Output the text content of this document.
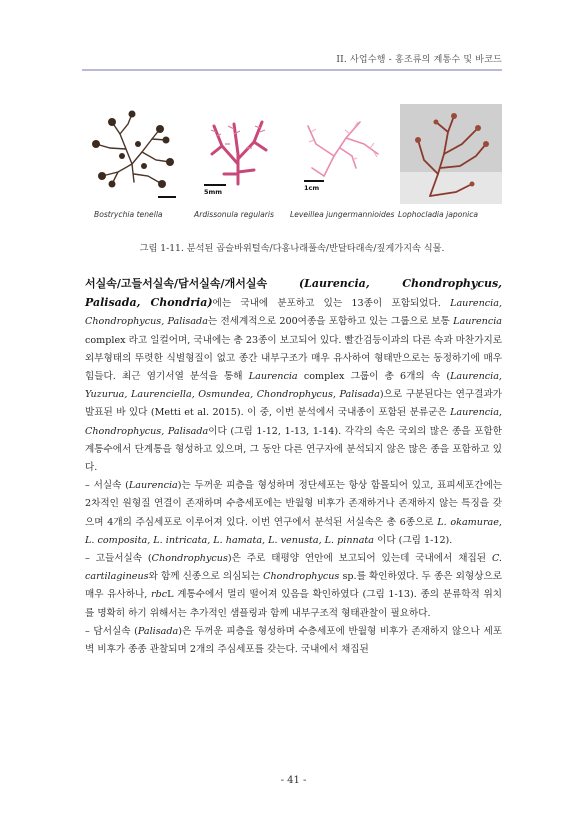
II. 사업수행 - 홍조류의 계통수 및 바코드
5mm	1cm
Bostrychia tenella	Ardissonula regularis Leveillea jungermannioides Lophocladia japonica
그림 1-11. 분석된 곱슬바위털속/다홍나래풀속/반달타래속/짚게가지속 식물.

서실속/고들서실속/담서실속/개서실속	(Laurencia, Chondrophycus, Palisada, Chondria)에는 국내에 분포하고 있는 13종이 포함되었다. Laurencia, Chondrophycus, Palisada는 전세계적으로 200여종을 포함하고 있는 그룹으로 보통 Laurencia complex 라고 일컬어며, 국내에는 총 23종이 보고되어 있다. 빨간검등이과의 다른 속과 마찬가지로 외부형태의 뚜렷한 식별형질이 없고 종간 내부구조가 매우 유사하여 형태만으로는 동정하기에 매우 힘들다. 최근 염기서열 분석을 통해 Laurencia complex 그룹이 총 6개의 속 (Laurencia, Yuzurua, Laurenciella, Osmundea, Chondrophycus, Palisada)으로 구분된다는 연구결과가 발표된 바 있다 (Metti et al. 2015). 이 중, 이번 분석에서 국내종이 포함된 분류군은 Laurencia, Chondrophycus, Palisada이다 (그림 1-12, 1-13, 1-14). 각각의 속은 국외의 많은 종을 포함한 계통수에서 단계통을 형성하고 있으며, 그 동안 다른 연구자에 분석되지 않은 많은 종을 포함하고 있다.

– 서실속 (Laurencia)는 두꺼운 피층을 형성하며 정단세포는 항상 함몰되어 있고, 표피세포간에는 2차적인 원형질 연결이 존재하며 수층세포에는 반월형 비후가 존재하거나 존재하지 않는 특징을 갖으며 4개의 주심세포로 이루어져 있다. 이번 연구에서 분석된 서실속은 총 6종으로 L. okamurae, L. composita, L. intricata, L. hamata, L. venusta, L. pinnata 이다 (그림 1-12).

– 고들서실속 (Chondrophycus)은 주로 태평양 연안에 보고되어 있는데 국내에서 채집된 C. cartilagineus와 함께 신종으로 의심되는 Chondrophycus sp.를 확인하였다. 두 종은 외형상으로 매우 유사하나, rbcL 계통수에서 멀리 떨어져 있음을 확인하였다 (그림 1-13). 종의 분류학적 위치를 명확히 하기 위해서는 추가적인 샘플링과 함께 내부구조적 형태관찰이 필요하다.

– 담서실속 (Palisada)은 두꺼운 피층을 형성하며 수층세포에 반월형 비후가 존재하지 않으나 세포벽 비후가 종종 관찰되며 2개의 주심세포를 갖는다. 국내에서 채집된

- 41 -
